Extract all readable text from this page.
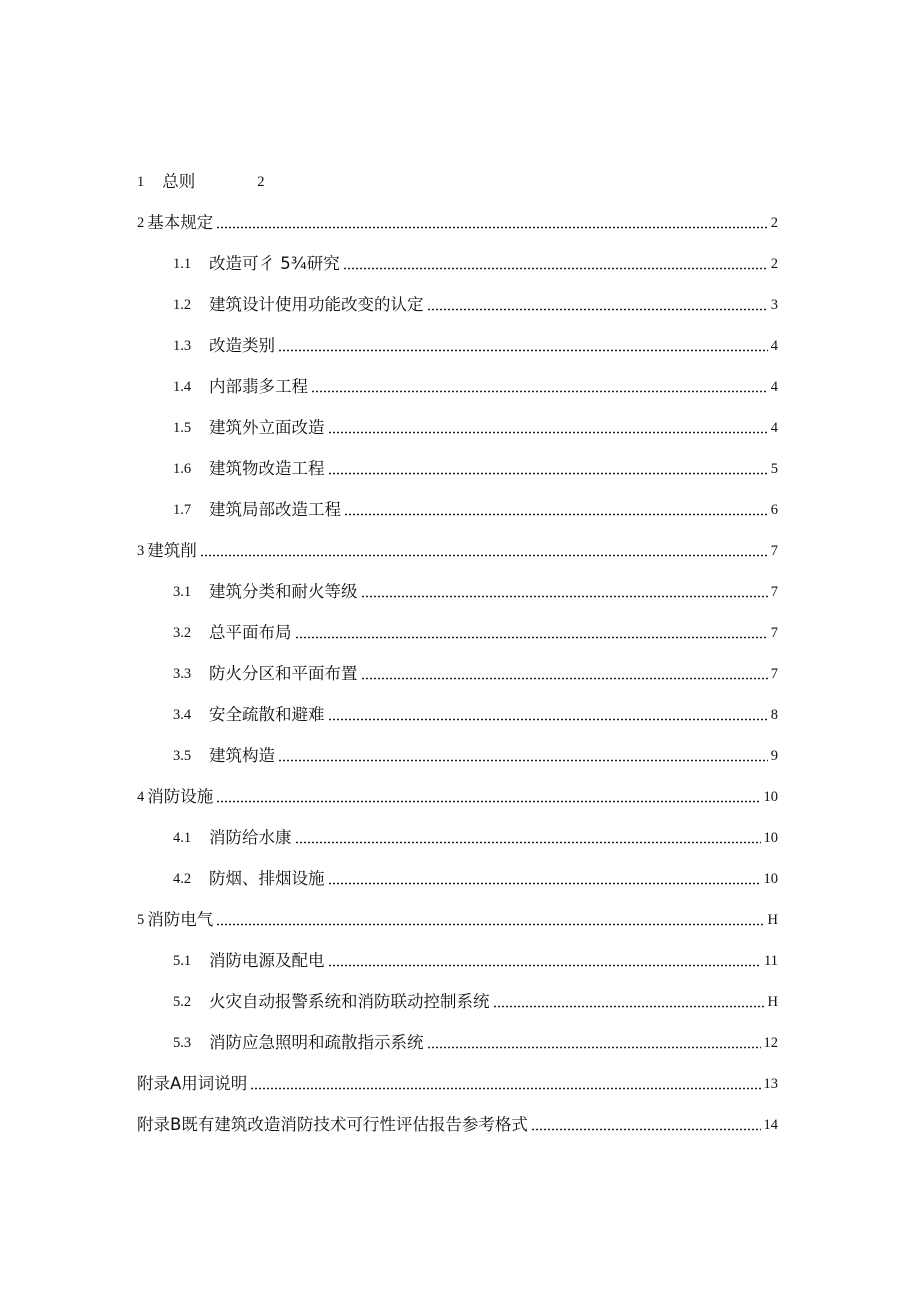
1 总则	2
2 基本规定	2
1.1	改造可彳 5¾研究	2
1.2	建筑设计使用功能改变的认定	3
1.3	改造类别	4
1.4	内部翡多工程	4
1.5	建筑外立面改造	4
1.6	建筑物改造工程	5
1.7	建筑局部改造工程	6
3 建筑削	7
3.1	建筑分类和耐火等级	7
3.2	总平面布局	7
3.3	防火分区和平面布置	7
3.4	安全疏散和避难	8
3.5	建筑构造	9
4 消防设施	10
4.1	消防给水康	10
4.2	防烟、排烟设施	10
5 消防电气	H
5.1	消防电源及配电	11
5.2	火灾自动报警系统和消防联动控制系统	H
5.3	消防应急照明和疏散指示系统	12
附录A用词说明	13
附录B既有建筑改造消防技术可行性评估报告参考格式	14
